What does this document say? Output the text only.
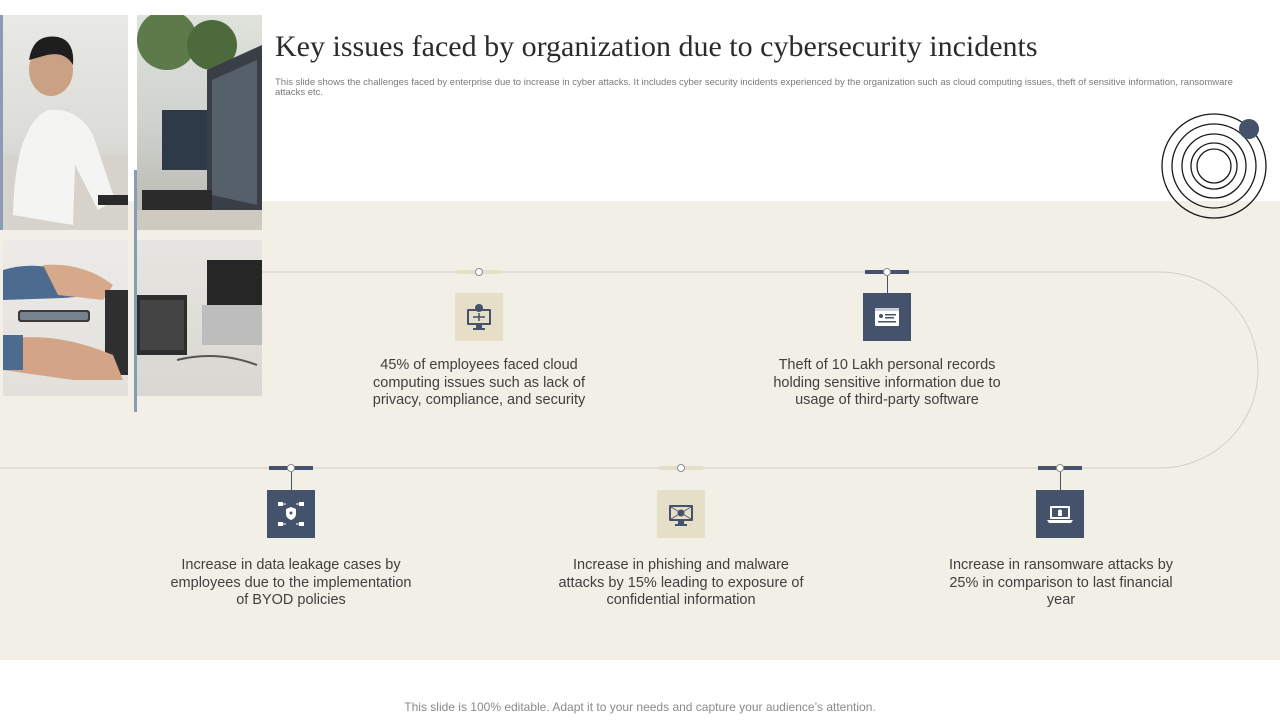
Key issues faced by organization due to cybersecurity incidents

This slide shows the challenges faced by enterprise due to increase in cyber attacks. It includes cyber security incidents experienced by the organization such as cloud computing issues, theft of sensitive information, ransomware attacks etc.

45% of employees faced cloud computing issues such as lack of privacy, compliance, and security

Theft of 10 Lakh personal records holding sensitive information due to usage of third-party software

Increase in data leakage cases by employees due to the implementation of BYOD policies

Increase in phishing and malware attacks by 15% leading to exposure of confidential information

Increase in ransomware attacks by 25% in comparison to last financial year

This slide is 100% editable. Adapt it to your needs and capture your audience’s attention.
